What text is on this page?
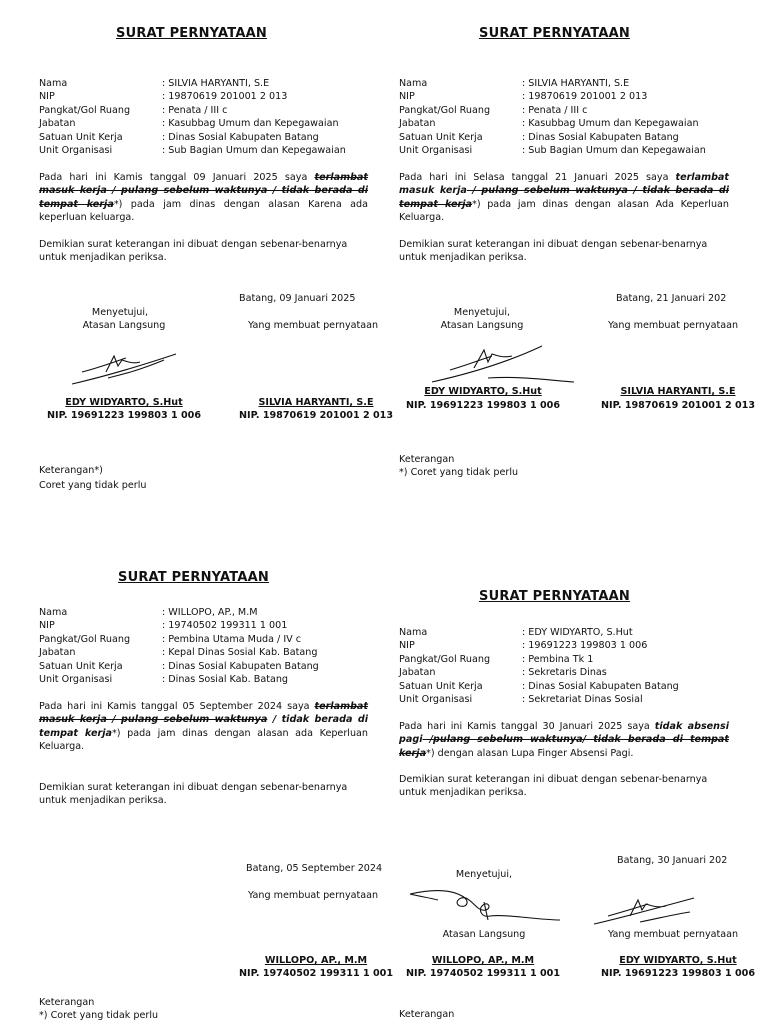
SURAT PERNYATAAN
Nama	: SILVIA HARYANTI, S.E
NIP	: 19870619 201001 2 013
Pangkat/Gol Ruang	: Penata / III c
Jabatan	: Kasubbag Umum dan Kepegawaian
Satuan Unit Kerja	: Dinas Sosial Kabupaten Batang
Unit Organisasi	: Sub Bagian Umum dan Kepegawaian
Pada hari ini Kamis tanggal 09 Januari 2025 saya terlambat masuk kerja / pulang sebelum waktunya / tidak berada di tempat kerja*) pada jam dinas dengan alasan Karena ada keperluan keluarga.
Demikian surat keterangan ini dibuat dengan sebenar-benarnya untuk menjadikan periksa.
Batang, 09 Januari 2025
Menyetujui,
Atasan Langsung	Yang membuat pernyataan
EDY WIDYARTO, S.Hut
NIP. 19691223 199803 1 006
SILVIA HARYANTI, S.E
NIP. 19870619 201001 2 013
Keterangan*)
Coret yang tidak perlu
SURAT PERNYATAAN
Nama	: SILVIA HARYANTI, S.E
NIP	: 19870619 201001 2 013
Pangkat/Gol Ruang	: Penata / III c
Jabatan	: Kasubbag Umum dan Kepegawaian
Satuan Unit Kerja	: Dinas Sosial Kabupaten Batang
Unit Organisasi	: Sub Bagian Umum dan Kepegawaian
Pada hari ini Selasa tanggal 21 Januari 2025 saya terlambat masuk kerja / pulang sebelum waktunya / tidak berada di tempat kerja*) pada jam dinas dengan alasan Ada Keperluan Keluarga.
Demikian surat keterangan ini dibuat dengan sebenar-benarnya untuk menjadikan periksa.
Batang, 21 Januari 202
Menyetujui,
Atasan Langsung	Yang membuat pernyataan
EDY WIDYARTO, S.Hut
NIP. 19691223 199803 1 006
SILVIA HARYANTI, S.E
NIP. 19870619 201001 2 013
Keterangan
*) Coret yang tidak perlu
SURAT PERNYATAAN
Nama	: WILLOPO, AP., M.M
NIP	: 19740502 199311 1 001
Pangkat/Gol Ruang	: Pembina Utama Muda / IV c
Jabatan	: Kepal Dinas Sosial Kab. Batang
Satuan Unit Kerja	: Dinas Sosial Kabupaten Batang
Unit Organisasi	: Dinas Sosial Kab. Batang
Pada hari ini Kamis tanggal 05 September 2024 saya terlambat masuk kerja / pulang sebelum waktunya / tidak berada di tempat kerja*) pada jam dinas dengan alasan ada Keperluan Keluarga.
Demikian surat keterangan ini dibuat dengan sebenar-benarnya untuk menjadikan periksa.
Batang, 05 September 2024
Yang membuat pernyataan
WILLOPO, AP., M.M
NIP. 19740502 199311 1 001
Keterangan
*) Coret yang tidak perlu
SURAT PERNYATAAN
Nama	: EDY WIDYARTO, S.Hut
NIP	: 19691223 199803 1 006
Pangkat/Gol Ruang	: Pembina Tk 1
Jabatan	: Sekretaris Dinas
Satuan Unit Kerja	: Dinas Sosial Kabupaten Batang
Unit Organisasi	: Sekretariat Dinas Sosial
Pada hari ini Kamis tanggal 30 Januari 2025 saya tidak absensi pagi /pulang sebelum waktunya/ tidak berada di tempat kerja*) dengan alasan Lupa Finger Absensi Pagi.
Demikian surat keterangan ini dibuat dengan sebenar-benarnya untuk menjadikan periksa.
Batang, 30 Januari 202
Menyetujui,
Atasan Langsung	Yang membuat pernyataan
WILLOPO, AP., M.M
NIP. 19740502 199311 1 001
EDY WIDYARTO, S.Hut
NIP. 19691223 199803 1 006
Keterangan
